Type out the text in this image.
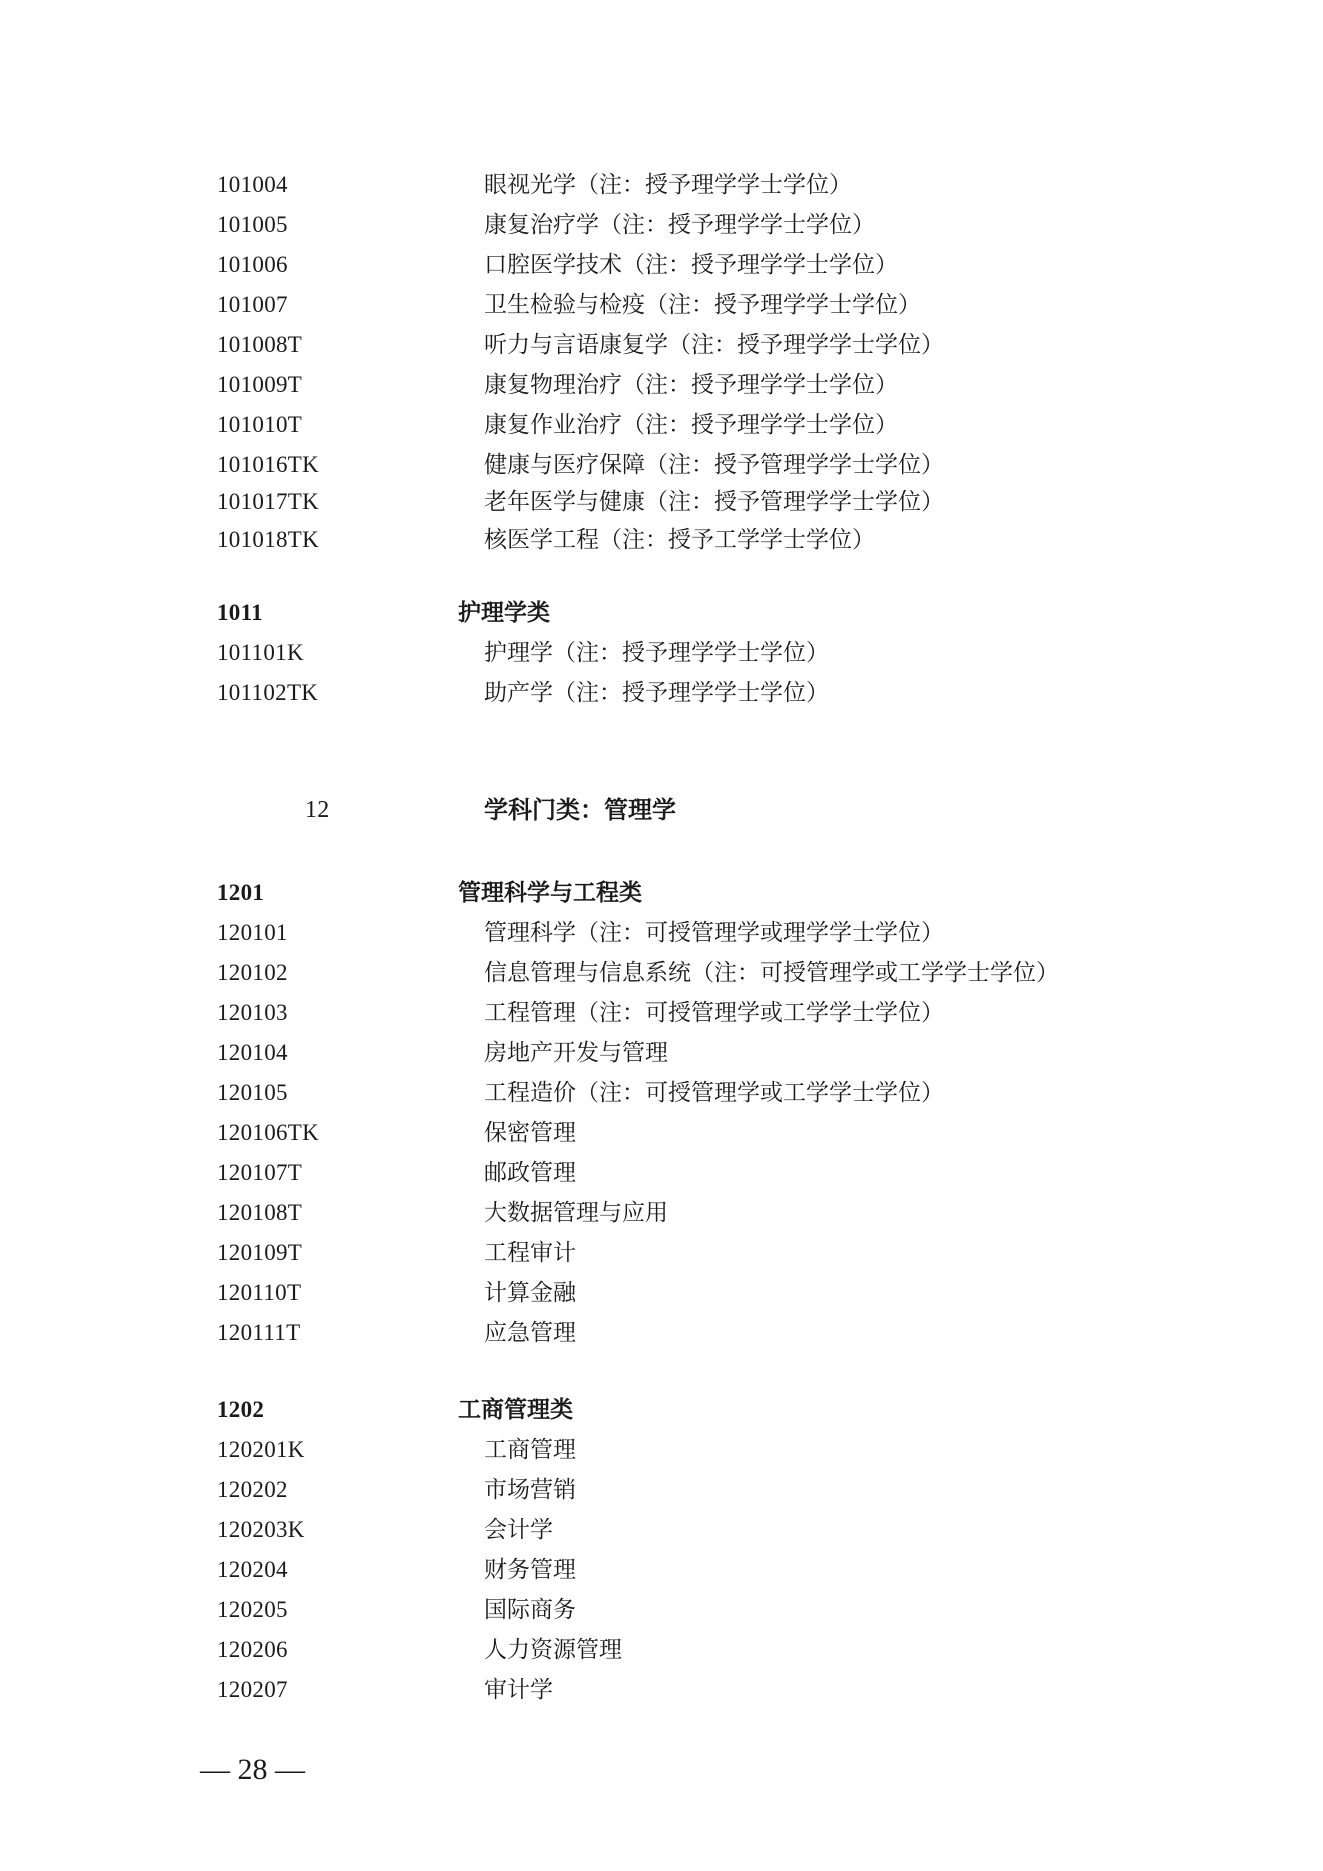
101004	眼视光学（注：授予理学学士学位）
101005	康复治疗学（注：授予理学学士学位）
101006	口腔医学技术（注：授予理学学士学位）
101007	卫生检验与检疫（注：授予理学学士学位）
101008T	听力与言语康复学（注：授予理学学士学位）
101009T	康复物理治疗（注：授予理学学士学位）
101010T	康复作业治疗（注：授予理学学士学位）
101016TK	健康与医疗保障（注：授予管理学学士学位）
101017TK	老年医学与健康（注：授予管理学学士学位）
101018TK	核医学工程（注：授予工学学士学位）
1011	护理学类
101101K	护理学（注：授予理学学士学位）
101102TK	助产学（注：授予理学学士学位）
12	学科门类：管理学
1201	管理科学与工程类
120101	管理科学（注：可授管理学或理学学士学位）
120102	信息管理与信息系统（注：可授管理学或工学学士学位）
120103	工程管理（注：可授管理学或工学学士学位）
120104	房地产开发与管理
120105	工程造价（注：可授管理学或工学学士学位）
120106TK	保密管理
120107T	邮政管理
120108T	大数据管理与应用
120109T	工程审计
120110T	计算金融
120111T	应急管理
1202	工商管理类
120201K	工商管理
120202	市场营销
120203K	会计学
120204	财务管理
120205	国际商务
120206	人力资源管理
120207	审计学
— 28 —
